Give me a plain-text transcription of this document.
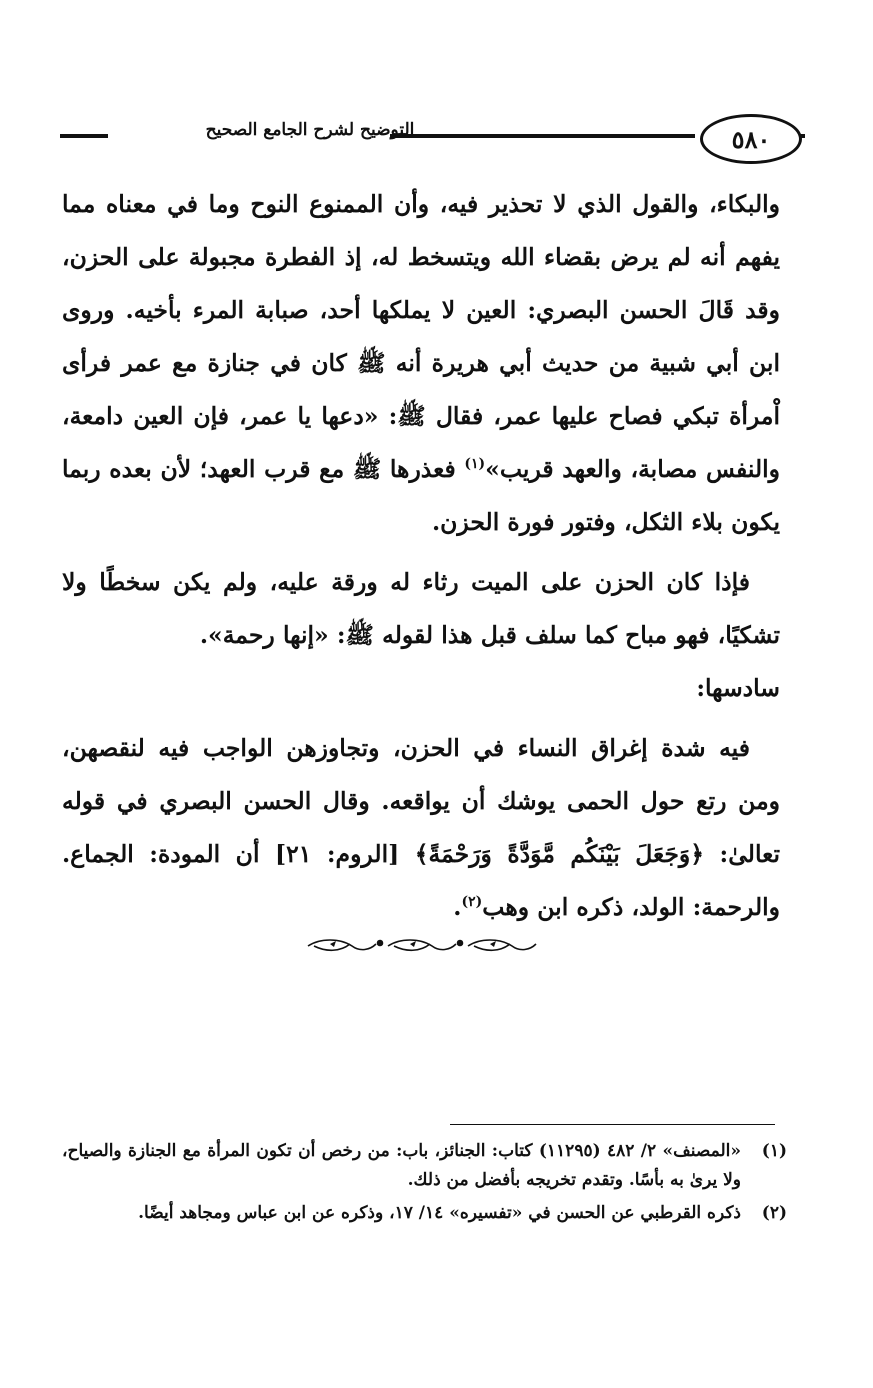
التوضيح لشرح الجامع الصحيح	٥٨٠

والبكاء، والقول الذي لا تحذير فيه، وأن الممنوع النوح وما في معناه مما يفهم أنه لم يرض بقضاء الله ويتسخط له، إذ الفطرة مجبولة على الحزن، وقد قَالَ الحسن البصري: العين لا يملكها أحد، صبابة المرء بأخيه. وروى ابن أبي شبية من حديث أبي هريرة أنه ﷺ كان في جنازة مع عمر فرأى اْمرأة تبكي فصاح عليها عمر، فقال ﷺ: «دعها يا عمر، فإن العين دامعة، والنفس مصابة، والعهد قريب»$^{(١)}$ فعذرها ﷺ مع قرب العهد؛ لأن بعده ربما يكون بلاء الثكل، وفتور فورة الحزن.

فإذا كان الحزن على الميت رثاء له ورقة عليه، ولم يكن سخطًا ولا تشكيًا، فهو مباح كما سلف قبل هذا لقوله ﷺ: «إنها رحمة».

سادسها:

فيه شدة إغراق النساء في الحزن، وتجاوزهن الواجب فيه لنقصهن، ومن رتع حول الحمى يوشك أن يواقعه. وقال الحسن البصري في قوله تعالىٰ: ﴿وَجَعَلَ بَيْنَكُم مَّوَدَّةً وَرَحْمَةً﴾ [الروم: ٢١] أن المودة: الجماع. والرحمة: الولد، ذكره ابن وهب$^{(٢)}$.

(١)
«المصنف» ٢/ ٤٨٢ (١١٢٩٥) كتاب: الجنائز، باب: من رخص أن تكون المرأة مع الجنازة والصياح، ولا يرىٰ به بأسًا. وتقدم تخريجه بأفضل من ذلك.
(٢)
ذكره القرطبي عن الحسن في «تفسيره» ١٤/ ١٧، وذكره عن ابن عباس ومجاهد أيضًا.
